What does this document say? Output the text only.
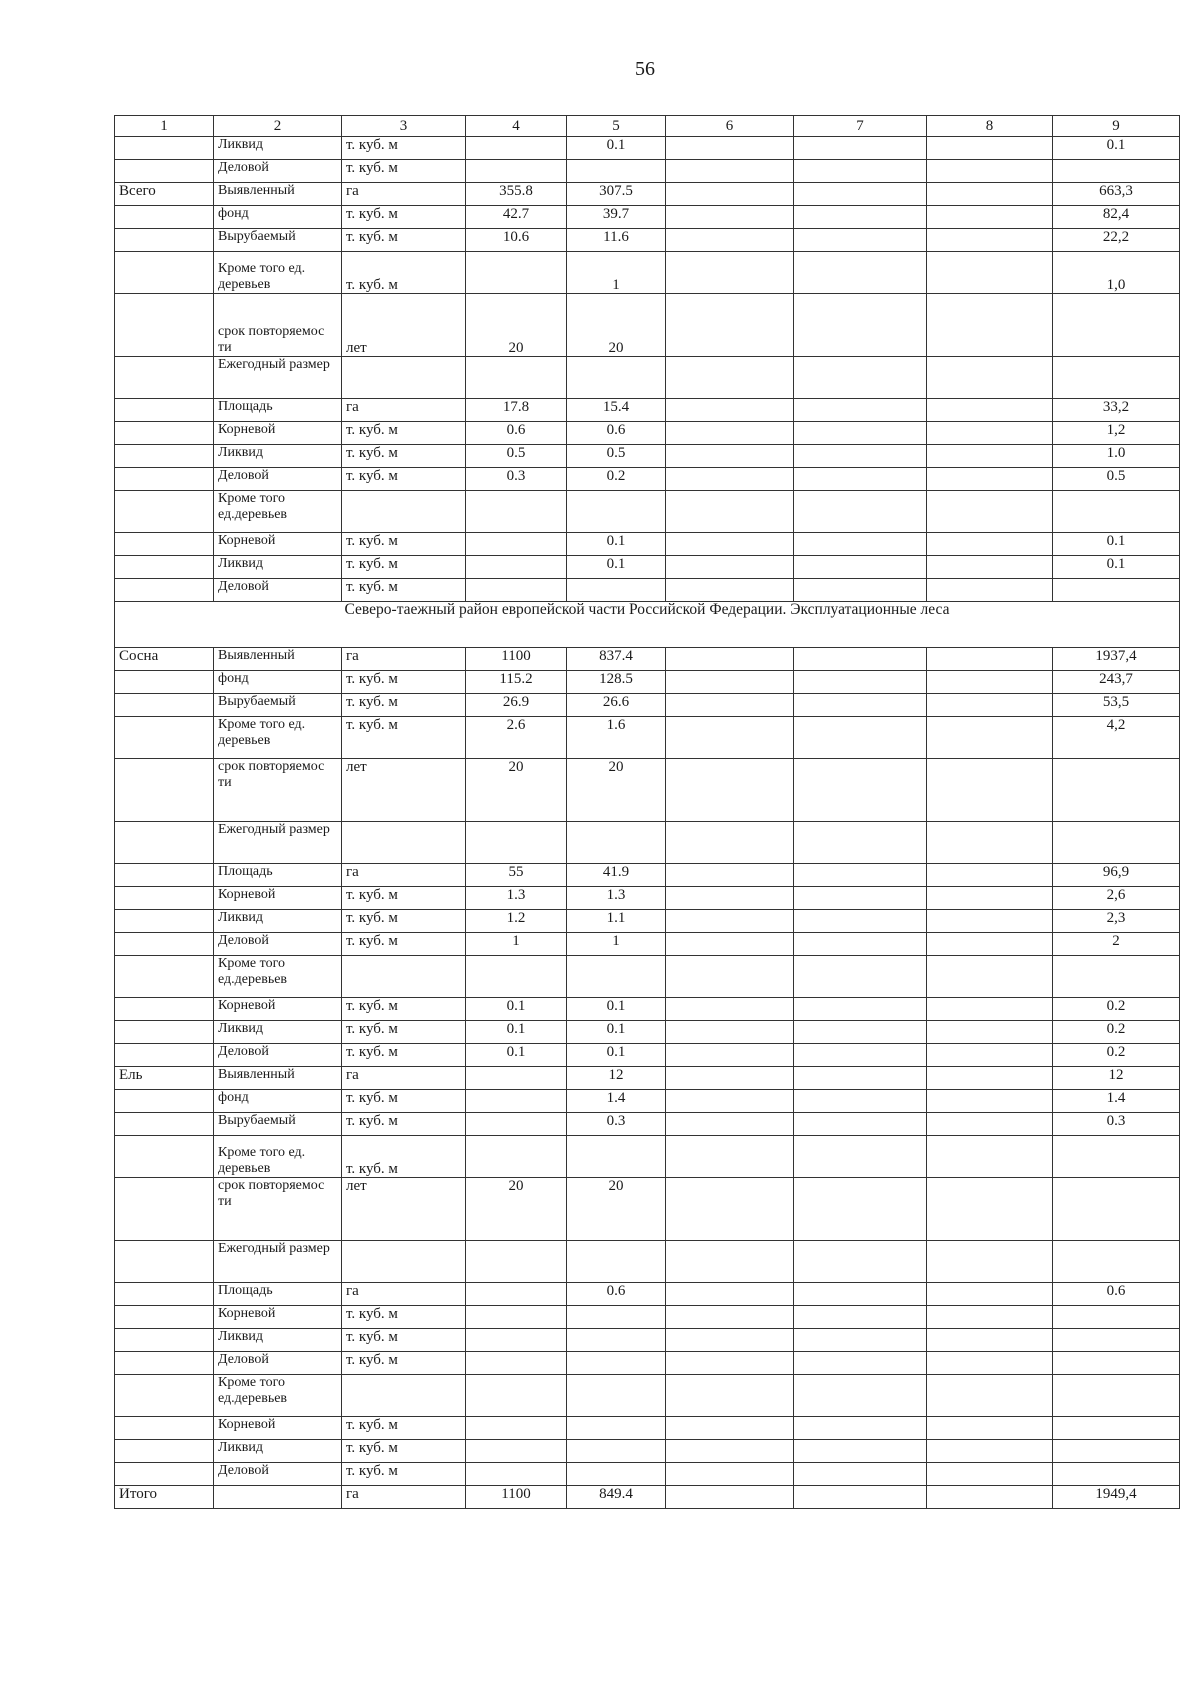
56
1	2	3	4	5	6	7	8	9
	Ликвид	т. куб. м		0.1				0.1
	Деловой	т. куб. м						
Всего	Выявленный	га	355.8	307.5				663,3
	фонд	т. куб. м	42.7	39.7				82,4
	Вырубаемый	т. куб. м	10.6	11.6				22,2
	Кроме того ед. деревьев	т. куб. м		1				1,0
	срок повторяемос ти	лет	20	20				
	Ежегодный размер							
	Площадь	га	17.8	15.4				33,2
	Корневой	т. куб. м	0.6	0.6				1,2
	Ликвид	т. куб. м	0.5	0.5				1.0
	Деловой	т. куб. м	0.3	0.2				0.5
	Кроме того ед.деревьев							
	Корневой	т. куб. м		0.1				0.1
	Ликвид	т. куб. м		0.1				0.1
	Деловой	т. куб. м						
Северо-таежный район европейской части Российской Федерации. Эксплуатационные леса								
Сосна	Выявленный	га	1100	837.4				1937,4
	фонд	т. куб. м	115.2	128.5				243,7
	Вырубаемый	т. куб. м	26.9	26.6				53,5
	Кроме того ед. деревьев	т. куб. м	2.6	1.6				4,2
	срок повторяемос ти	лет	20	20				
	Ежегодный размер							
	Площадь	га	55	41.9				96,9
	Корневой	т. куб. м	1.3	1.3				2,6
	Ликвид	т. куб. м	1.2	1.1				2,3
	Деловой	т. куб. м	1	1				2
	Кроме того ед.деревьев							
	Корневой	т. куб. м	0.1	0.1				0.2
	Ликвид	т. куб. м	0.1	0.1				0.2
	Деловой	т. куб. м	0.1	0.1				0.2
Ель	Выявленный	га		12				12
	фонд	т. куб. м		1.4				1.4
	Вырубаемый	т. куб. м		0.3				0.3
	Кроме того ед. деревьев	т. куб. м						
	срок повторяемос ти	лет	20	20				
	Ежегодный размер							
	Площадь	га		0.6				0.6
	Корневой	т. куб. м						
	Ликвид	т. куб. м						
	Деловой	т. куб. м						
	Кроме того ед.деревьев							
	Корневой	т. куб. м						
	Ликвид	т. куб. м						
	Деловой	т. куб. м						
Итого		га	1100	849.4				1949,4
